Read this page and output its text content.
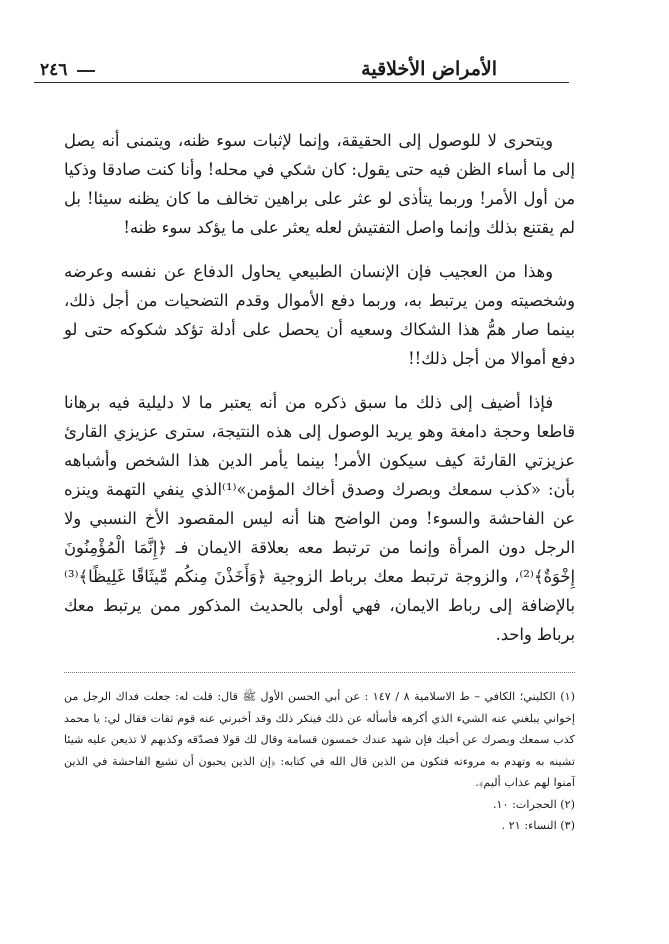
٢٤٦	الأمراض الأخلاقية

ويتحرى لا للوصول إلى الحقيقة، وإنما لإثبات سوء ظنه، ويتمنى أنه يصل إلى ما أساء الظن فيه حتى يقول: كان شكي في محله! وأنا كنت صادقا وذكيا من أول الأمر! وربما يتأذى لو عثر على براهين تخالف ما كان يظنه سيئا! بل لم يقتنع بذلك وإنما واصل التفتيش لعله يعثر على ما يؤكد سوء ظنه!

وهذا من العجيب فإن الإنسان الطبيعي يحاول الدفاع عن نفسه وعرضه وشخصيته ومن يرتبط به، وربما دفع الأموال وقدم التضحيات من أجل ذلك، بينما صار همُّ هذا الشكاك وسعيه أن يحصل على أدلة تؤكد شكوكه حتى لو دفع أموالا من أجل ذلك!!

فإذا أضيف إلى ذلك ما سبق ذكره من أنه يعتبر ما لا دليلية فيه برهانا قاطعا وحجة دامغة وهو يريد الوصول إلى هذه النتيجة، سترى عزيزي القارئ عزيزتي القارئة كيف سيكون الأمر! بينما يأمر الدين هذا الشخص وأشباهه بأن: «كذب سمعك وبصرك وصدق أخاك المؤمن»⁽¹⁾الذي ينفي التهمة وينزه عن الفاحشة والسوء! ومن الواضح هنا أنه ليس المقصود الأخ النسبي ولا الرجل دون المرأة وإنما من ترتبط معه بعلاقة الايمان فـ ﴿إِنَّمَا الْمُؤْمِنُونَ إِخْوَةٌ﴾⁽²⁾، والزوجة ترتبط معك برباط الزوجية ﴿وَأَخَذْنَ مِنكُم مِّيثَاقًا غَلِيظًا﴾⁽³⁾بالإضافة إلى رباط الايمان، فهي أولى بالحديث المذكور ممن يرتبط معك برباط واحد.

(١) الكليني؛ الكافي – ط الاسلامية ٨ / ١٤٧ : عن أبي الحسن الأول ﷺ قال: قلت له: جعلت فداك الرجل من إخواني يبلغني عنه الشيء الذي أكرهه فأسأله عن ذلك فينكر ذلك وقد أخبرني عنه قوم ثقات فقال لي: يا محمد كذب سمعك وبصرك عن أخيك فإن شهد عندك خمسون قسامة وقال لك قولا فصدّقه وكذبهم لا تذيعن عليه شيئا تشينه به وتهدم به مروءته فتكون من الذين قال الله في كتابه: ﴿إن الذين يحبون أن تشيع الفاحشة في الذين آمنوا لهم عذاب أليم﴾.

(٢) الحجرات: ١٠.

(٣) النساء: ٢١ .
